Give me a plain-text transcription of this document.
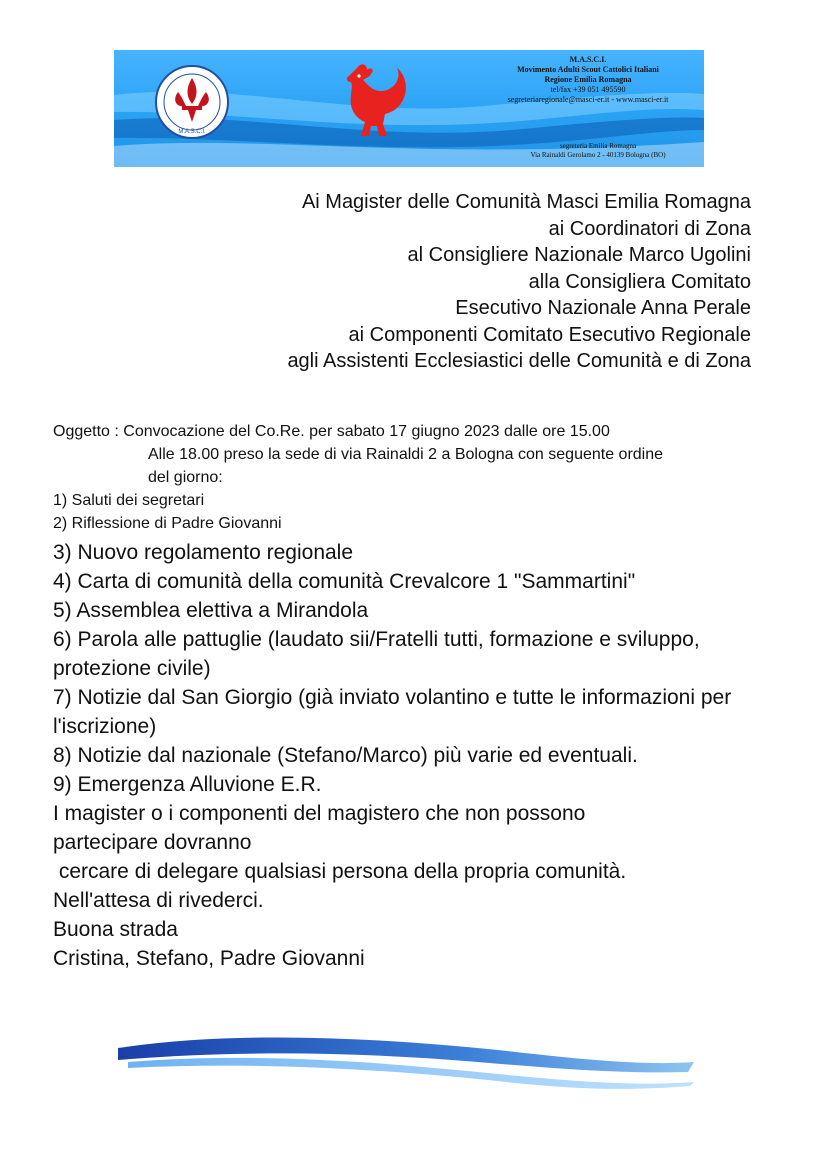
M.A.S.C.I.
M.A.S.C.I.
Movimento Adulti Scout Cattolici Italiani
Regione Emilia Romagna
tel/fax +39 051 495590
segreteriaregionale@masci-er.it - www.masci-er.it
segreteria Emilia Romagna
Via Rainaldi Gerolamo 2 - 40139 Bologna (BO)
Ai Magister delle Comunità Masci Emilia Romagna
ai Coordinatori di Zona
al Consigliere Nazionale Marco Ugolini
alla Consigliera Comitato
Esecutivo Nazionale Anna Perale
ai Componenti Comitato Esecutivo Regionale
agli Assistenti Ecclesiastici delle Comunità e di Zona
Oggetto : Convocazione del Co.Re. per sabato 17 giugno 2023 dalle ore 15.00
Alle 18.00 preso la sede di via Rainaldi 2 a Bologna con seguente ordine
del giorno:
1) Saluti dei segretari
2) Riflessione di Padre Giovanni
3) Nuovo regolamento regionale
4) Carta di comunità della comunità Crevalcore 1 "Sammartini"
5) Assemblea elettiva a Mirandola
6) Parola alle pattuglie (laudato sii/Fratelli tutti, formazione e sviluppo, protezione civile)
7) Notizie dal San Giorgio (già inviato volantino e tutte le informazioni per l'iscrizione)
8) Notizie dal nazionale (Stefano/Marco) più varie ed eventuali.
9) Emergenza Alluvione E.R.
I magister o i componenti del magistero che non possono
partecipare dovranno
cercare di delegare qualsiasi persona della propria comunità.
Nell'attesa di rivederci.
Buona strada
Cristina, Stefano, Padre Giovanni
